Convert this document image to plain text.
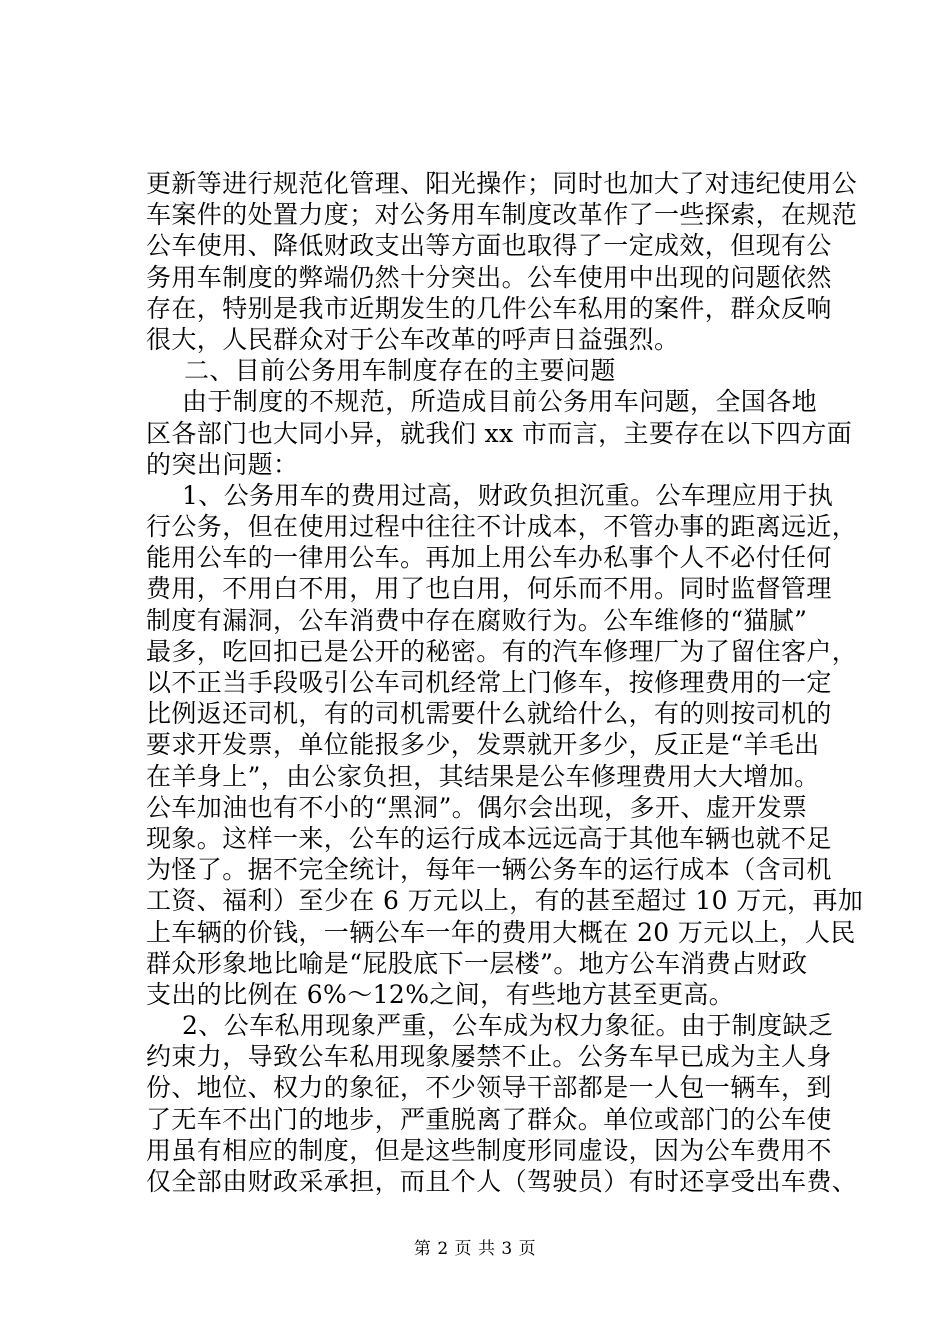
更新等进行规范化管理、阳光操作；同时也加大了对违纪使用公
车案件的处置力度；对公务用车制度改革作了一些探索，在规范
公车使用、降低财政支出等方面也取得了一定成效，但现有公
务用车制度的弊端仍然十分突出。公车使用中出现的问题依然
存在，特别是我市近期发生的几件公车私用的案件，群众反响
很大，人民群众对于公车改革的呼声日益强烈。
二、目前公务用车制度存在的主要问题
由于制度的不规范，所造成目前公务用车问题，全国各地
区各部门也大同小异，就我们 xx 市而言，主要存在以下四方面
的突出问题：
1、公务用车的费用过高，财政负担沉重。公车理应用于执
行公务，但在使用过程中往往不计成本，不管办事的距离远近，
能用公车的一律用公车。再加上用公车办私事个人不必付任何
费用，不用白不用，用了也白用，何乐而不用。同时监督管理
制度有漏洞，公车消费中存在腐败行为。公车维修的“猫腻”
最多，吃回扣已是公开的秘密。有的汽车修理厂为了留住客户，
以不正当手段吸引公车司机经常上门修车，按修理费用的一定
比例返还司机，有的司机需要什么就给什么，有的则按司机的
要求开发票，单位能报多少，发票就开多少，反正是“羊毛出
在羊身上”，由公家负担，其结果是公车修理费用大大增加。
公车加油也有不小的“黑洞”。偶尔会出现，多开、虚开发票
现象。这样一来，公车的运行成本远远高于其他车辆也就不足
为怪了。据不完全统计，每年一辆公务车的运行成本（含司机
工资、福利）至少在 6 万元以上，有的甚至超过 10 万元，再加
上车辆的价钱，一辆公车一年的费用大概在 20 万元以上，人民
群众形象地比喻是“屁股底下一层楼”。地方公车消费占财政
支出的比例在 6%～12%之间，有些地方甚至更高。
2、公车私用现象严重，公车成为权力象征。由于制度缺乏
约束力，导致公车私用现象屡禁不止。公务车早已成为主人身
份、地位、权力的象征，不少领导干部都是一人包一辆车，到
了无车不出门的地步，严重脱离了群众。单位或部门的公车使
用虽有相应的制度，但是这些制度形同虚设，因为公车费用不
仅全部由财政采承担，而且个人（驾驶员）有时还享受出车费、
第 2 页 共 3 页
